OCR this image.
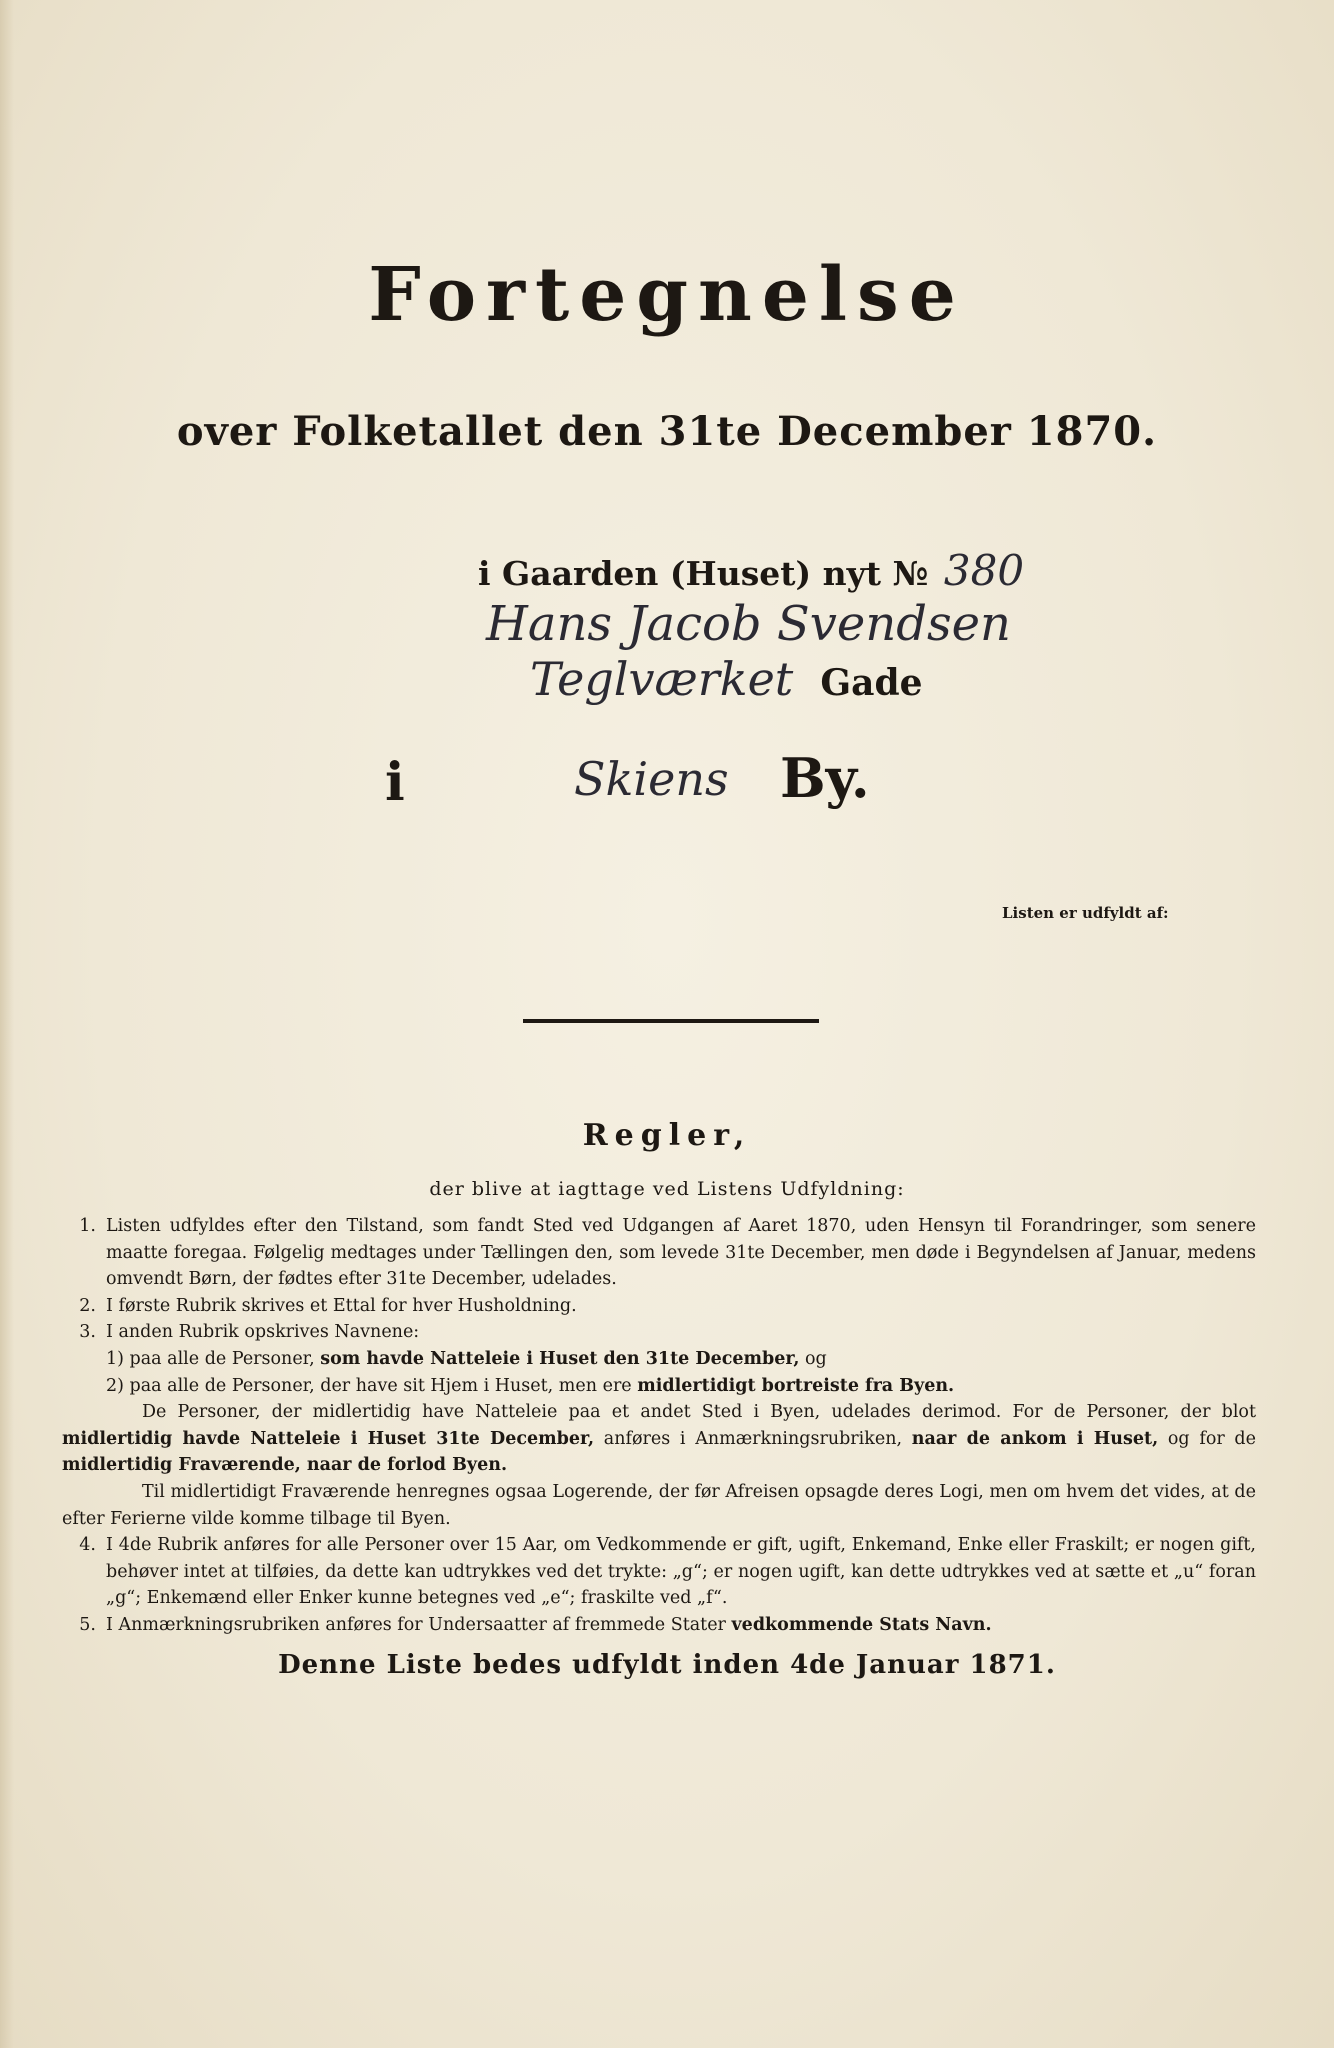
Fortegnelse
over Folketallet den 31te December 1870.
i Gaarden (Huset) nyt № 380
Hans Jacob Svendsen
Teglværket Gade
i	Skiens By.
Listen er udfyldt af:
Regler,
der blive at iagttage ved Listens Udfyldning:

1. Listen udfyldes efter den Tilstand, som fandt Sted ved Udgangen af Aaret 1870, uden Hensyn til Forandringer, som senere maatte foregaa. Følgelig medtages under Tællingen den, som levede 31te December, men døde i Begyndelsen af Januar, medens omvendt Børn, der fødtes efter 31te December, udelades.

2. I første Rubrik skrives et Ettal for hver Husholdning.

3. I anden Rubrik opskrives Navnene:

1) paa alle de Personer, som havde Natteleie i Huset den 31te December, og

2) paa alle de Personer, der have sit Hjem i Huset, men ere midlertidigt bortreiste fra Byen.

De Personer, der midlertidig have Natteleie paa et andet Sted i Byen, udelades derimod. For de Personer, der blot midlertidig havde Natteleie i Huset 31te December, anføres i Anmærkningsrubriken, naar de ankom i Huset, og for de midlertidig Fraværende, naar de forlod Byen.

Til midlertidigt Fraværende henregnes ogsaa Logerende, der før Afreisen opsagde deres Logi, men om hvem det vides, at de efter Ferierne vilde komme tilbage til Byen.

4. I 4de Rubrik anføres for alle Personer over 15 Aar, om Vedkommende er gift, ugift, Enkemand, Enke eller Fraskilt; er nogen gift, behøver intet at tilføies, da dette kan udtrykkes ved det trykte: „g“; er nogen ugift, kan dette udtrykkes ved at sætte et „u“ foran „g“; Enkemænd eller Enker kunne betegnes ved „e“; fraskilte ved „f“.

5. I Anmærkningsrubriken anføres for Undersaatter af fremmede Stater vedkommende Stats Navn.

Denne Liste bedes udfyldt inden 4de Januar 1871.
